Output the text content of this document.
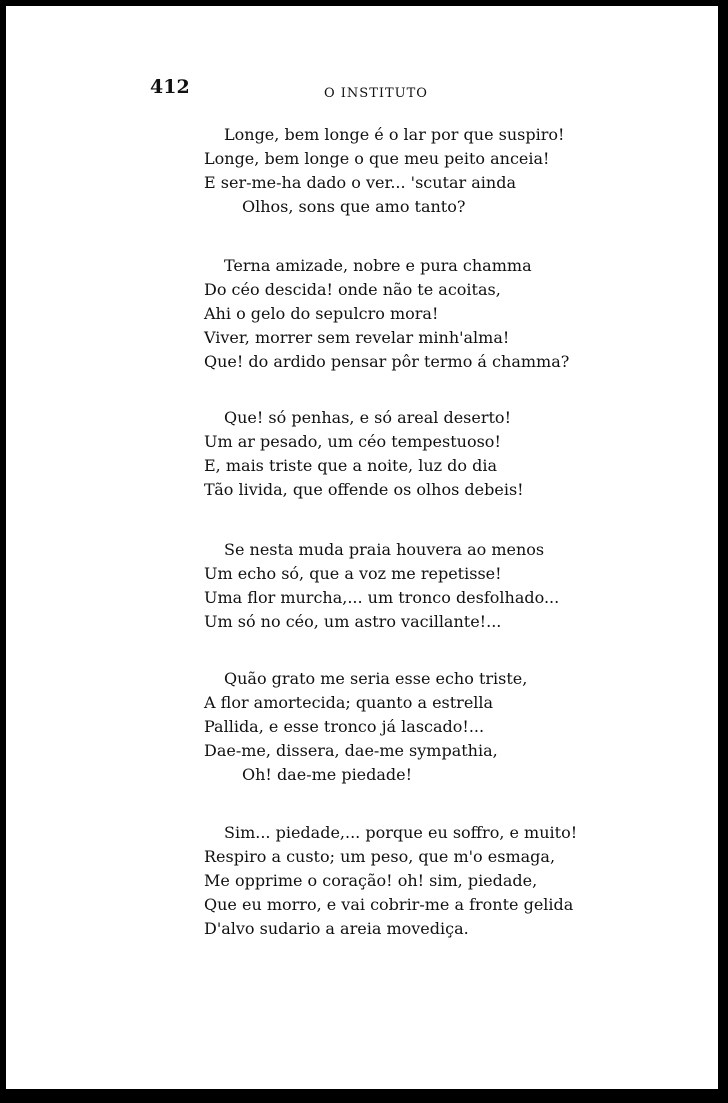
412	O INSTITUTO
Longe, bem longe é o lar por que suspiro!
Longe, bem longe o que meu peito anceia!
E ser-me-ha dado o ver... 'scutar ainda
Olhos, sons que amo tanto?
Terna amizade, nobre e pura chamma
Do céo descida! onde não te acoitas,
Ahi o gelo do sepulcro mora!
Viver, morrer sem revelar minh'alma!
Que! do ardido pensar pôr termo á chamma?
Que! só penhas, e só areal deserto!
Um ar pesado, um céo tempestuoso!
E, mais triste que a noite, luz do dia
Tão livida, que offende os olhos debeis!
Se nesta muda praia houvera ao menos
Um echo só, que a voz me repetisse!
Uma flor murcha,... um tronco desfolhado...
Um só no céo, um astro vacillante!...
Quão grato me seria esse echo triste,
A flor amortecida; quanto a estrella
Pallida, e esse tronco já lascado!...
Dae-me, dissera, dae-me sympathia,
Oh! dae-me piedade!
Sim... piedade,... porque eu soffro, e muito!
Respiro a custo; um peso, que m'o esmaga,
Me opprime o coração! oh! sim, piedade,
Que eu morro, e vai cobrir-me a fronte gelida
D'alvo sudario a areia movediça.
